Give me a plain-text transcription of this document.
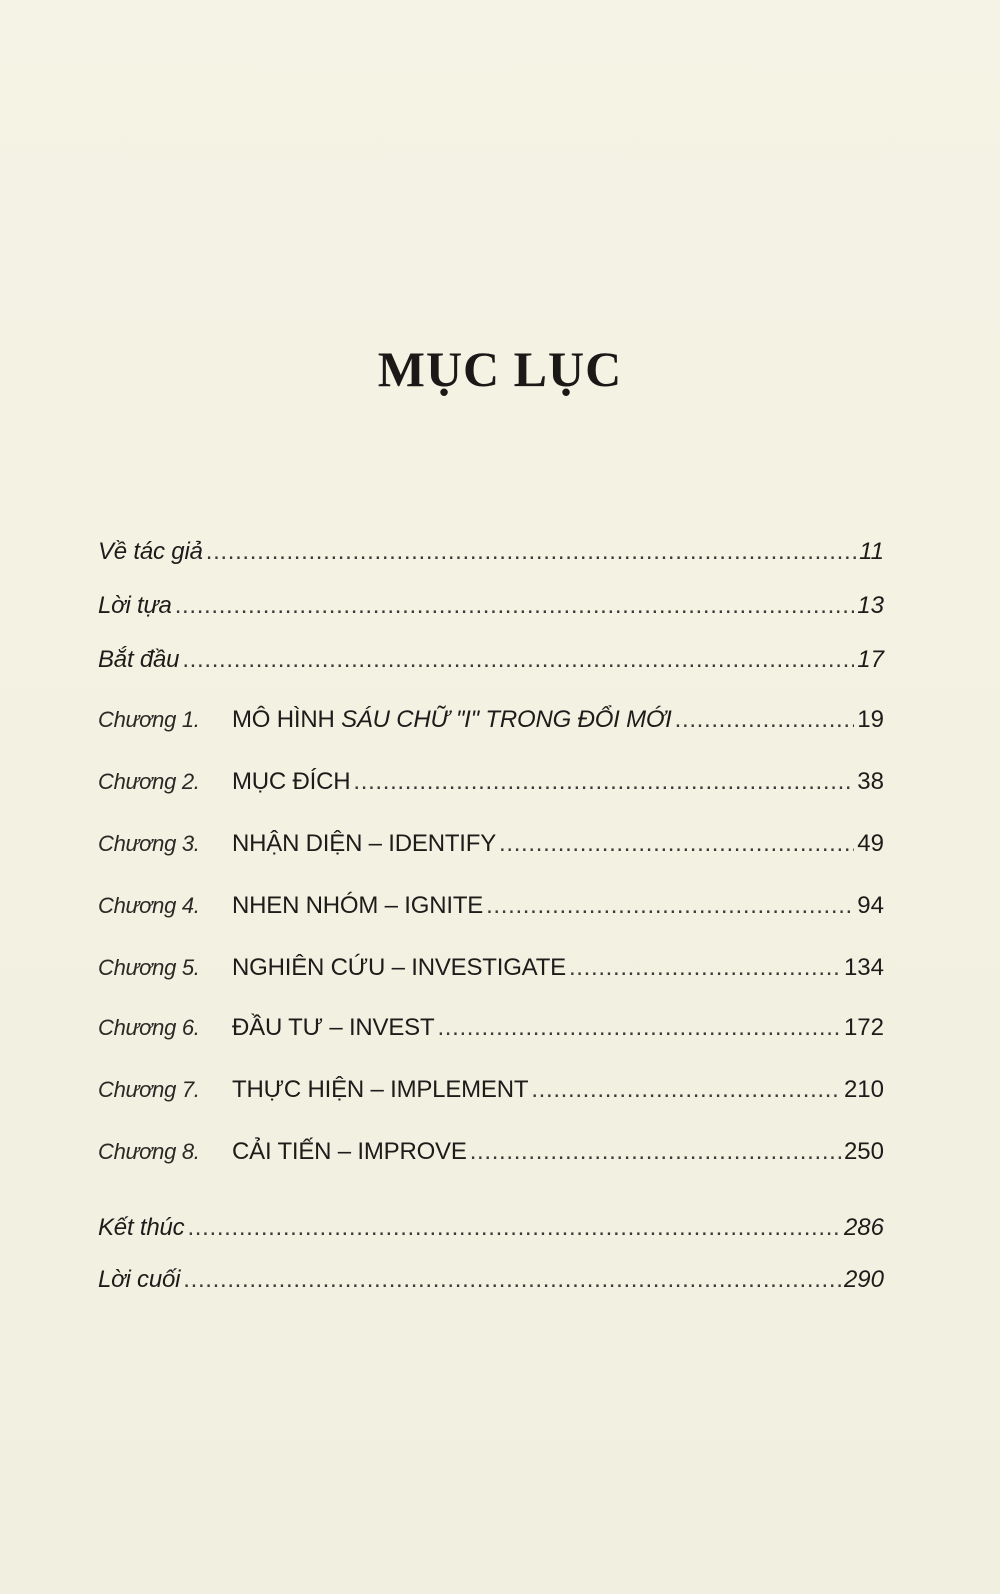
MỤC LỤC
Về tác giả . . .	11
Lời tựa . . .	13
Bắt đầu . . .	17
Chương 1.	MÔ HÌNH SÁU CHỮ "I" TRONG ĐỔI MỚI . . .	19
Chương 2.	MỤC ĐÍCH . . .	38
Chương 3.	NHẬN DIỆN – IDENTIFY . . .	49
Chương 4.	NHEN NHÓM – IGNITE . . .	94
Chương 5.	NGHIÊN CỨU – INVESTIGATE . . .	134
Chương 6.	ĐẦU TƯ – INVEST . . .	172
Chương 7.	THỰC HIỆN – IMPLEMENT . . .	210
Chương 8.	CẢI TIẾN – IMPROVE . . .	250
Kết thúc . . .	286
Lời cuối . . .	290
